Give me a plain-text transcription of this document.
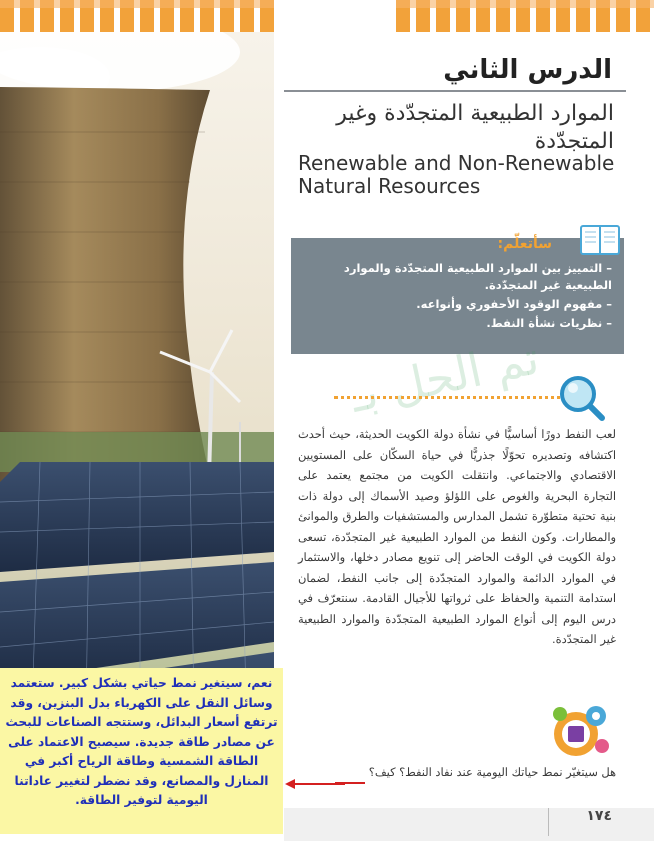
الدرس الثاني
الموارد الطبيعية المتجدّدة وغير المتجدّدة
Renewable and Non-Renewable Natural Resources
سأتعلّم:
– التمييز بين الموارد الطبيعية المتجدّدة والموارد الطبيعية غير المتجدّدة.
– مفهوم الوقود الأحفوري وأنواعه.
– نظريات نشأة النفط.
تم الحل بـ
لعب النفط دورًا أساسيًّا في نشأة دولة الكويت الحديثة، حيث أحدث اكتشافه وتصديره تحوّلًا جذريًّا في حياة السكّان على المستويين الاقتصادي والاجتماعي. وانتقلت الكويت من مجتمع يعتمد على التجارة البحرية والغوص على اللؤلؤ وصيد الأسماك إلى دولة ذات بنية تحتية متطوّرة تشمل المدارس والمستشفيات والطرق والموانئ والمطارات. وكون النفط من الموارد الطبيعية غير المتجدّدة، تسعى دولة الكويت في الوقت الحاضر إلى تنويع مصادر دخلها، والاستثمار في الموارد الدائمة والموارد المتجدّدة إلى جانب النفط، لضمان استدامة التنمية والحفاظ على ثرواتها للأجيال القادمة. سنتعرّف في درس اليوم إلى أنواع الموارد الطبيعية المتجدّدة والموارد الطبيعية غير المتجدّدة.
هل سيتغيّر نمط حياتك اليومية عند نفاد النفط؟ كيف؟
نعم، سيتغير نمط حياتي بشكل كبير. ستعتمد وسائل النقل على الكهرباء بدل البنزين، وقد ترتفع أسعار البدائل، وستتجه الصناعات للبحث عن مصادر طاقة جديدة. سيصبح الاعتماد على الطاقة الشمسية وطاقة الرياح أكبر في المنازل والمصانع، وقد نضطر لتغيير عاداتنا اليومية لتوفير الطاقة.
١٧٤
